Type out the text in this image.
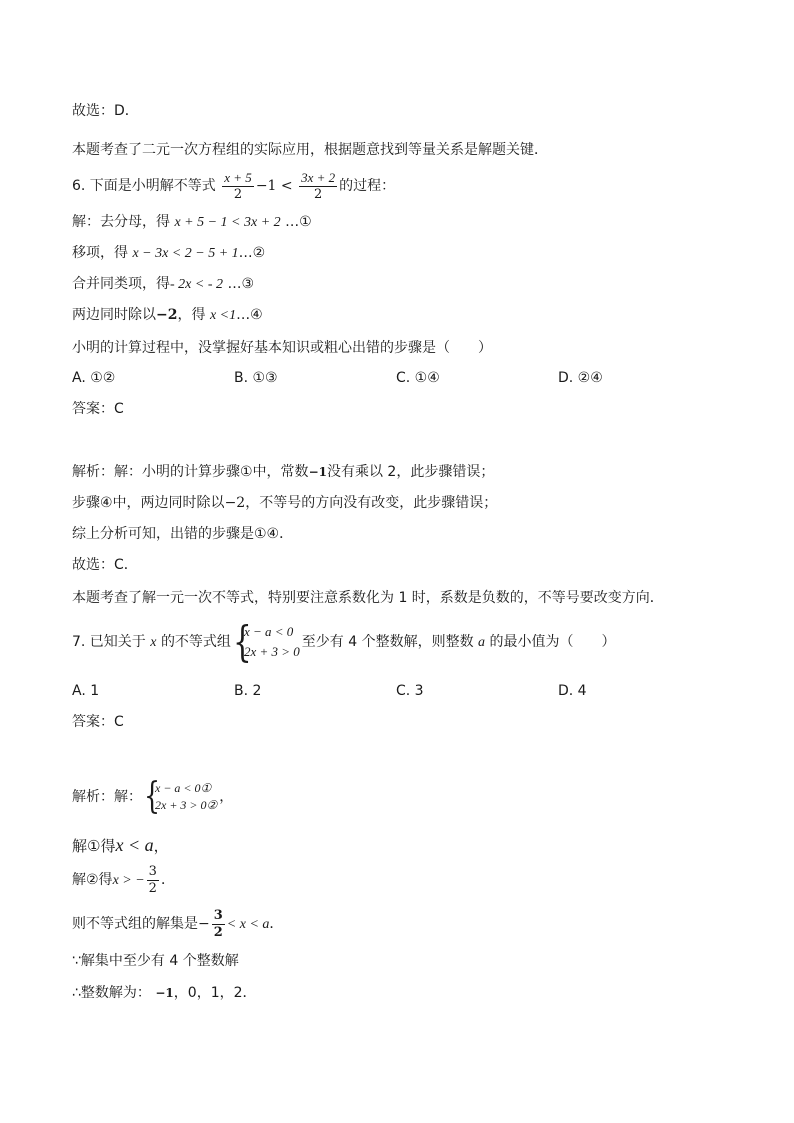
故选：D．
本题考查了二元一次方程组的实际应用，根据题意找到等量关系是解题关键．
6. 下面是小明解不等式 $\frac{x + 5}{2} -1 < \frac{3x + 2}{2}$ 的过程：
解：去分母，得 x + 5 − 1 < 3x + 2 …①
移项，得 x − 3x < 2 − 5 + 1…②
合并同类项，得- 2x < - 2 …③
两边同时除以−2，得 x <1…④
小明的计算过程中，没掌握好基本知识或粗心出错的步骤是（　　）
A. ①②	B. ①③	C. ①④	D. ②④
答案：C
解析：解：小明的计算步骤①中，常数−1没有乘以 2，此步骤错误；
步骤④中，两边同时除以−2，不等号的方向没有改变，此步骤错误；
综上分析可知，出错的步骤是①④．
故选：C．
本题考查了解一元一次不等式，特别要注意系数化为 1 时，系数是负数的，不等号要改变方向．
7. 已知关于 x 的不等式组 {
x − a < 0
2x + 3 > 0
至少有 4 个整数解，则整数 a 的最小值为（　　）
A. 1	B. 2	C. 3	D. 4
答案：C
解析：解： {
x − a < 0①
2x + 3 > 0② ，
解①得x < a，
解②得x > − $\frac{3}{2}$ ．
则不等式组的解集是− $\frac{3}{2} < x < a$．
∵解集中至少有 4 个整数解
∴整数解为： −1，0，1，2．
